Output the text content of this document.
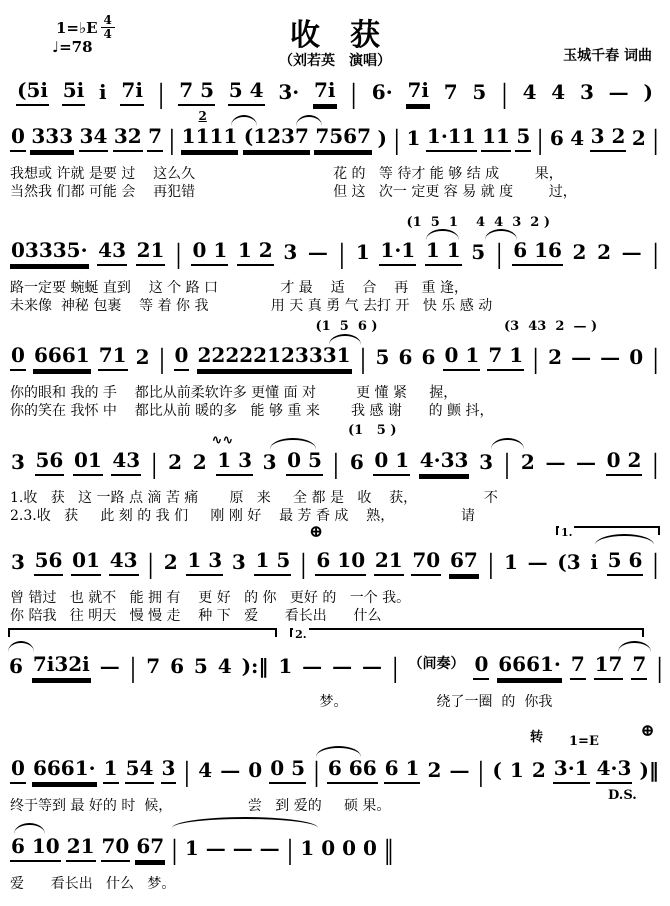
1=♭E $\frac{4}{4}$
♩=78	收　获
（刘若英　演唱）	玉城千春 词曲
(5i 5i i 7i | 7 5 5 4 3· 7i | 6· 7i 7 5 | 4 4 3 — )
2
0 333 34 32 7 | 1111 (1237 7567 ) | 1 1·11 11 5 | 6 4 3 2 2 |
我想或 许就 是要 过    这么久                               花 的   等 待才 能 够 结 成        果，
当然我 们都 可能 会    再犯错                               但 这   次一 定更 容 易 就 度        过，
(1  5  1    4  4  3  2 )
03335· 43 21 | 0 1 1 2 3 — | 1 1·1 1 1 5 | 6 16 2 2 — |
路一定要 蜿蜒 直到    这 个 路 口              才 最    适    合    再   重 逢，
未来像  神秘 包裹    等 着 你 我              用 天 真 勇 气 去打 开   快 乐 感 动
(1  5  6 )	(3  43  2  — )
0 6661 71 2 | 0 22222123331 | 5 6 6 0 1 7 1 | 2 — — 0 |
你的眼和 我的 手    都比从前柔软许多 更懂 面 对         更 懂 紧     握，
你的笑在 我怀 中    都比从前 暖的多   能 够 重 来       我 感 谢      的 颤 抖，
∿∿
(1   5 )
3 56 01 43 | 2 2 1 3 3 0 5 | 6 0 1 4·33 3 | 2 — — 0 2 |
1.收   获   这 一路 点 滴 苦 痛       原   来     全 都 是   收    获，               不
2.3.收   获     此 刻 的 我 们     刚 刚 好    最 芳 香 成    熟，               请
1.
⊕
3 56 01 43 | 2 1 3 3 1 5 | 6 10 21 70 67 | 1 — (3 i 5 6 |
曾 错过   也 就不   能 拥 有    更 好   的 你   更好 的   一个 我。
你 陪我   往 明天   慢 慢 走    种 下   爱      看长出      什么
2.
6 7i32i — | 7 6 5 4 ):‖ 1 — — — | （间奏） 0 6661· 7 17 7 |
梦。                    绕了一圈  的  你我
转 1=E
⊕
D.S.
0 6661· 1 54 3 | 4 — 0 0 5 | 6 66 6 1 2 — | ( 1 2 3·1 4·3 )‖
终于等到 最 好的 时  候，                 尝   到 爱的     硕 果。
6 10 21 70 67 | 1 — — — | 1 0 0 0 ‖
爱      看长出   什么   梦。
